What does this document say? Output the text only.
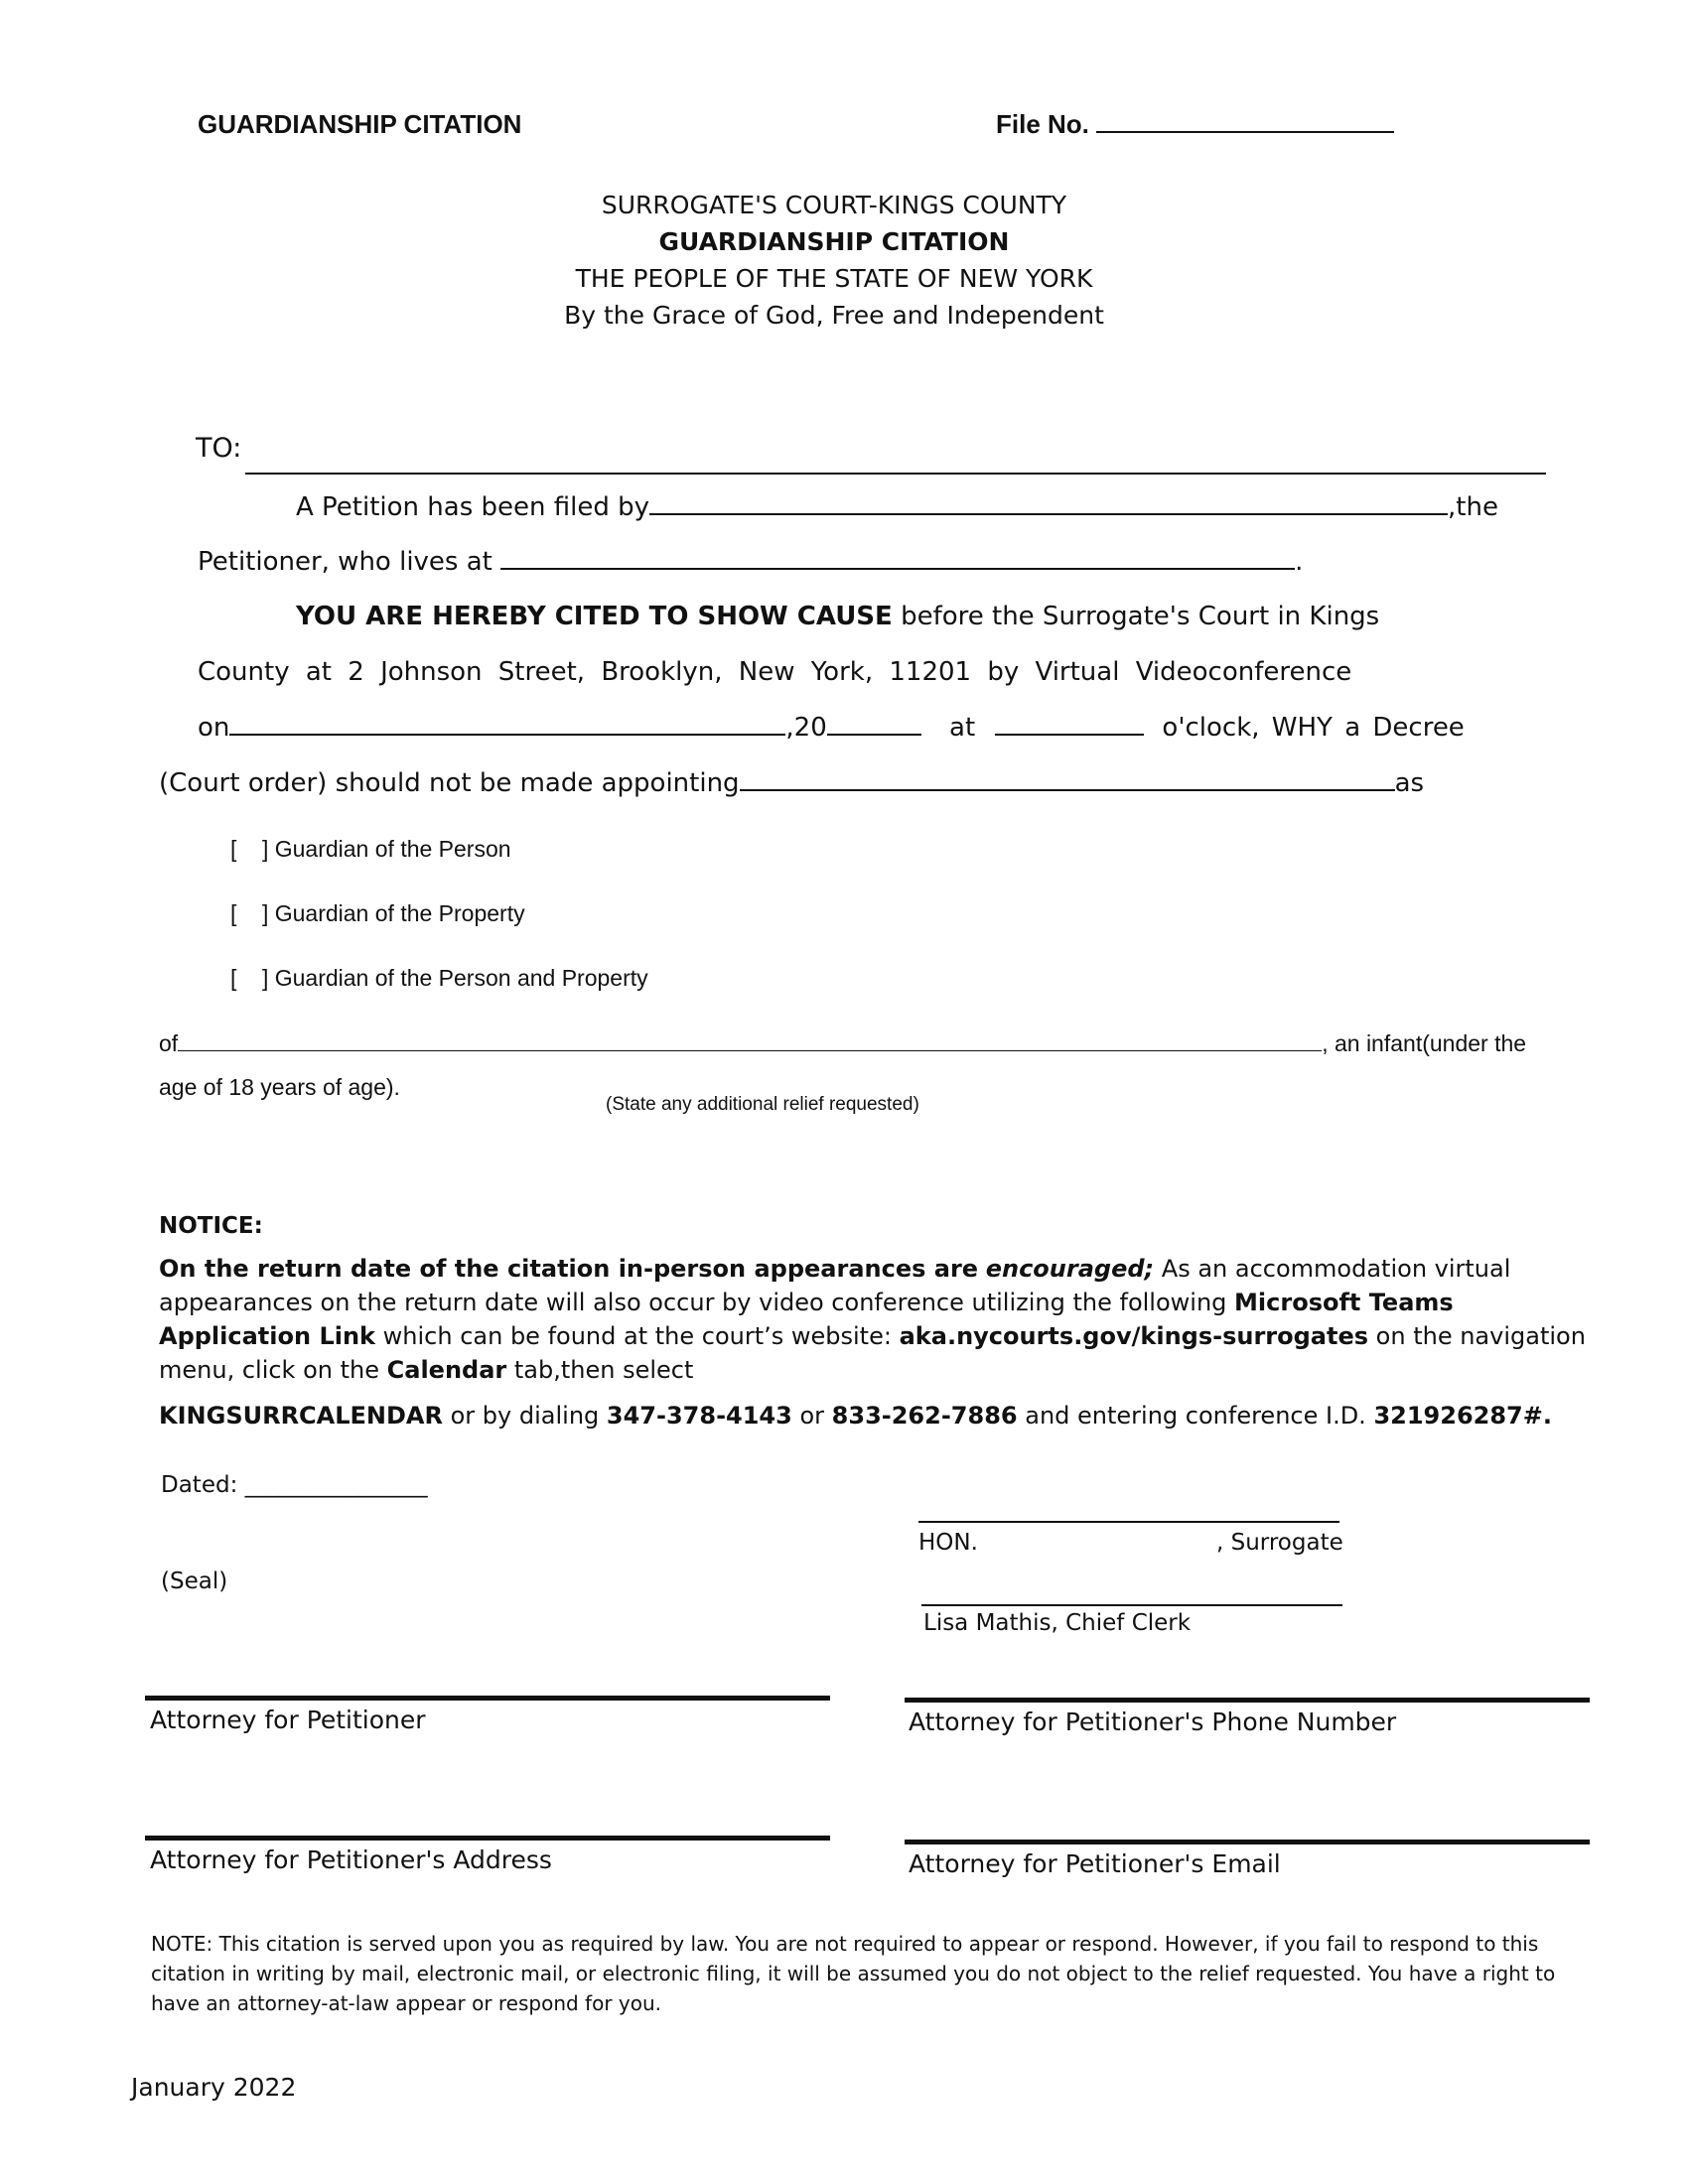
GUARDIANSHIP CITATION	File No.
SURROGATE'S COURT-KINGS COUNTY
GUARDIANSHIP CITATION
THE PEOPLE OF THE STATE OF NEW YORK
By the Grace of God, Free and Independent
TO:
A Petition has been filed by	,the
Petitioner, who lives at	.
YOU ARE HEREBY CITED TO SHOW CAUSE before the Surrogate's Court in Kings
County at 2 Johnson Street, Brooklyn, New York, 11201 by Virtual Videoconference
on	,20	at	o'clock, WHY a Decree
(Court order) should not be made appointing	as
[    ] Guardian of the Person
[    ] Guardian of the Property
[    ] Guardian of the Person and Property
of	, an infant(under the
age of 18 years of age).
(State any additional relief requested)
NOTICE:
On the return date of the citation in-person appearances are encouraged; As an accommodation virtual appearances on the return date will also occur by video conference utilizing the following Microsoft Teams Application Link which can be found at the court’s website: aka.nycourts.gov/kings-surrogates on the navigation menu, click on the Calendar tab,then select
KINGSURRCALENDAR or by dialing 347-378-4143 or 833-262-7886 and entering conference I.D. 321926287#.
Dated: ________________
(Seal)
HON.	, Surrogate
Lisa Mathis, Chief Clerk
Attorney for Petitioner	Attorney for Petitioner's Phone Number
Attorney for Petitioner's Address	Attorney for Petitioner's Email
NOTE: This citation is served upon you as required by law. You are not required to appear or respond. However, if you fail to respond to this citation in writing by mail, electronic mail, or electronic filing, it will be assumed you do not object to the relief requested. You have a right to have an attorney-at-law appear or respond for you.
January 2022
